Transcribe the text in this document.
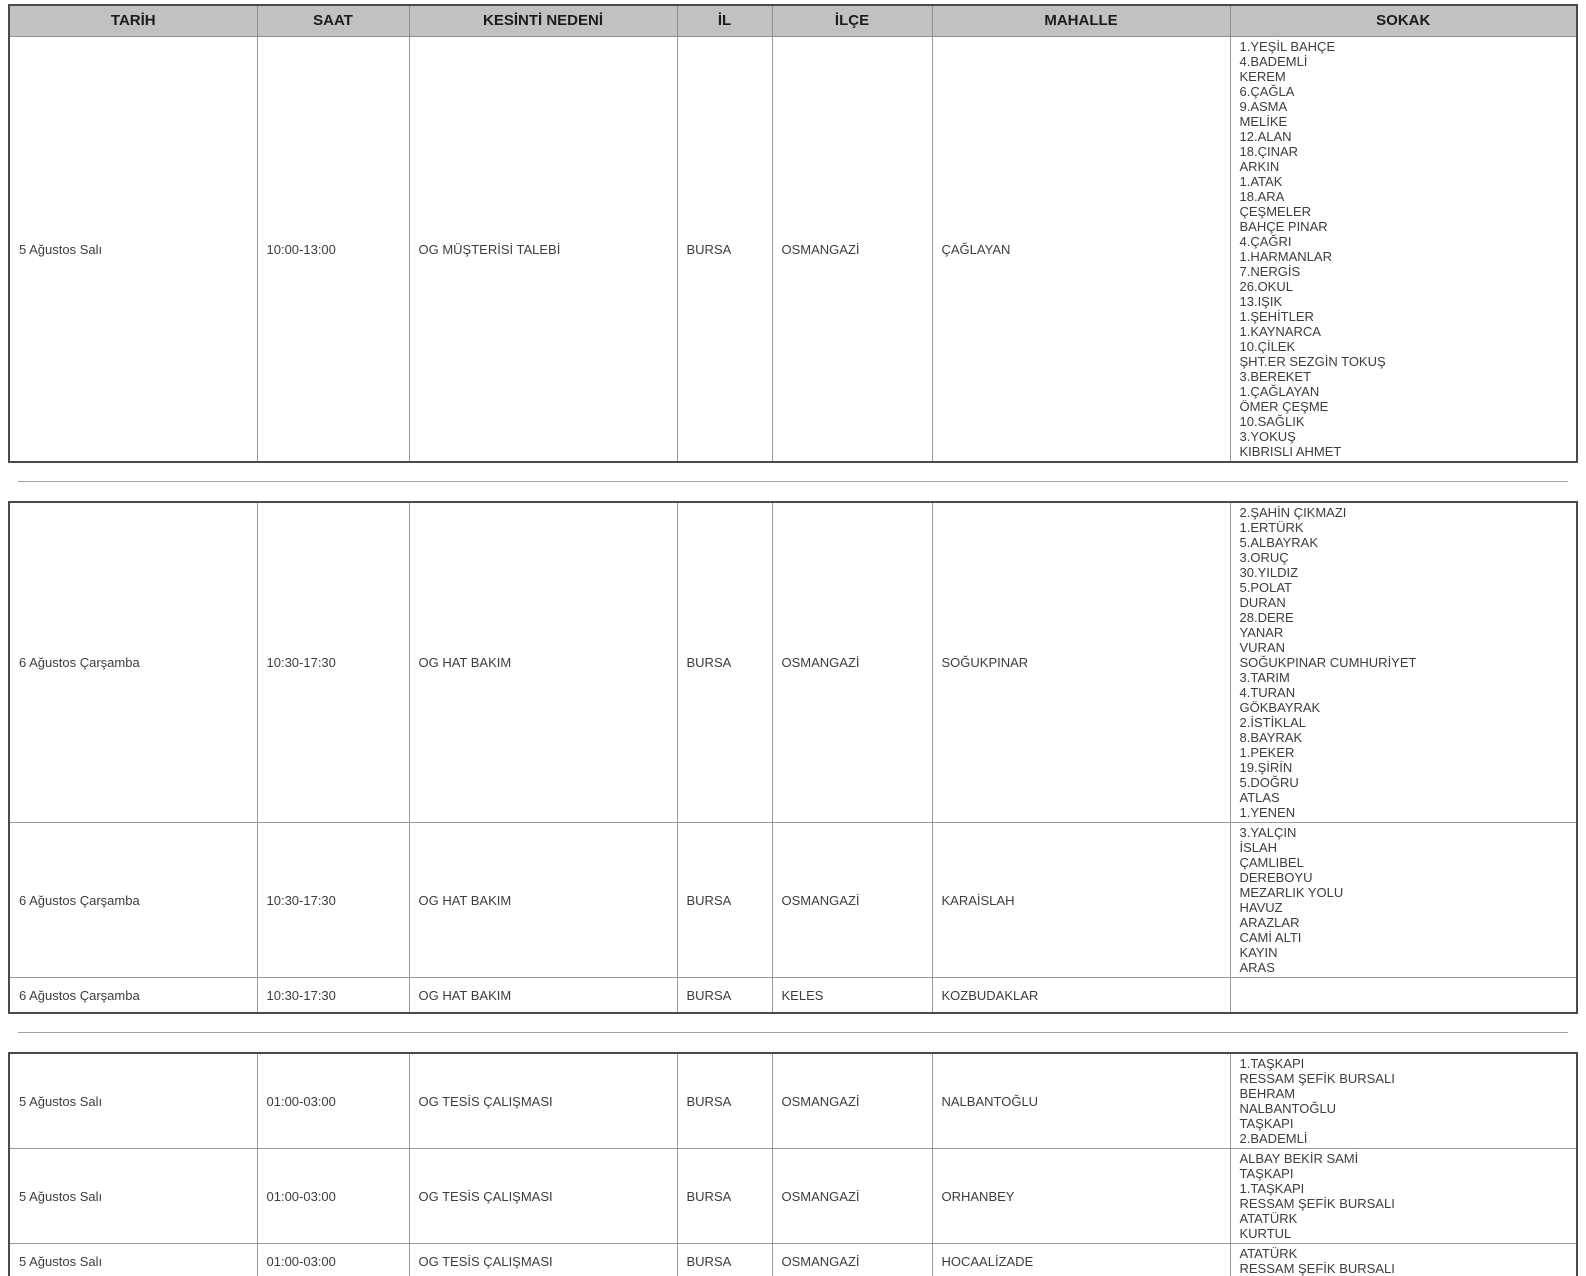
TARİH	SAAT	KESİNTİ NEDENİ	İL	İLÇE	MAHALLE	SOKAK
5 Ağustos Salı	10:00-13:00	OG MÜŞTERİSİ TALEBİ	BURSA	OSMANGAZİ	ÇAĞLAYAN	
1.YEŞİL BAHÇE
4.BADEMLİ
KEREM
6.ÇAĞLA
9.ASMA
MELİKE
12.ALAN
18.ÇINAR
ARKIN
1.ATAK
18.ARA
ÇEŞMELER
BAHÇE PINAR
4.ÇAĞRI
1.HARMANLAR
7.NERGİS
26.OKUL
13.IŞIK
1.ŞEHİTLER
1.KAYNARCA
10.ÇİLEK
ŞHT.ER SEZGİN TOKUŞ
3.BEREKET
1.ÇAĞLAYAN
ÖMER ÇEŞME
10.SAĞLIK
3.YOKUŞ
KIBRISLI AHMET
6 Ağustos Çarşamba	10:30-17:30	OG HAT BAKIM	BURSA	OSMANGAZİ	SOĞUKPINAR	
2.ŞAHİN ÇIKMAZI
1.ERTÜRK
5.ALBAYRAK
3.ORUÇ
30.YILDIZ
5.POLAT
DURAN
28.DERE
YANAR
VURAN
SOĞUKPINAR CUMHURİYET
3.TARIM
4.TURAN
GÖKBAYRAK
2.İSTİKLAL
8.BAYRAK
1.PEKER
19.ŞİRİN
5.DOĞRU
ATLAS
1.YENEN

6 Ağustos Çarşamba	10:30-17:30	OG HAT BAKIM	BURSA	OSMANGAZİ	KARAİSLAH	
3.YALÇIN
İSLAH
ÇAMLIBEL
DEREBOYU
MEZARLIK YOLU
HAVUZ
ARAZLAR
CAMİ ALTI
KAYIN
ARAS

6 Ağustos Çarşamba	10:30-17:30	OG HAT BAKIM	BURSA	KELES	KOZBUDAKLAR	
5 Ağustos Salı	01:00-03:00	OG TESİS ÇALIŞMASI	BURSA	OSMANGAZİ	NALBANTOĞLU	
1.TAŞKAPI
RESSAM ŞEFİK BURSALI
BEHRAM
NALBANTOĞLU
TAŞKAPI
2.BADEMLİ

5 Ağustos Salı	01:00-03:00	OG TESİS ÇALIŞMASI	BURSA	OSMANGAZİ	ORHANBEY	
ALBAY BEKİR SAMİ
TAŞKAPI
1.TAŞKAPI
RESSAM ŞEFİK BURSALI
ATATÜRK
KURTUL

5 Ağustos Salı	01:00-03:00	OG TESİS ÇALIŞMASI	BURSA	OSMANGAZİ	HOCAALİZADE	ATATÜRK
RESSAM ŞEFİK BURSALI
